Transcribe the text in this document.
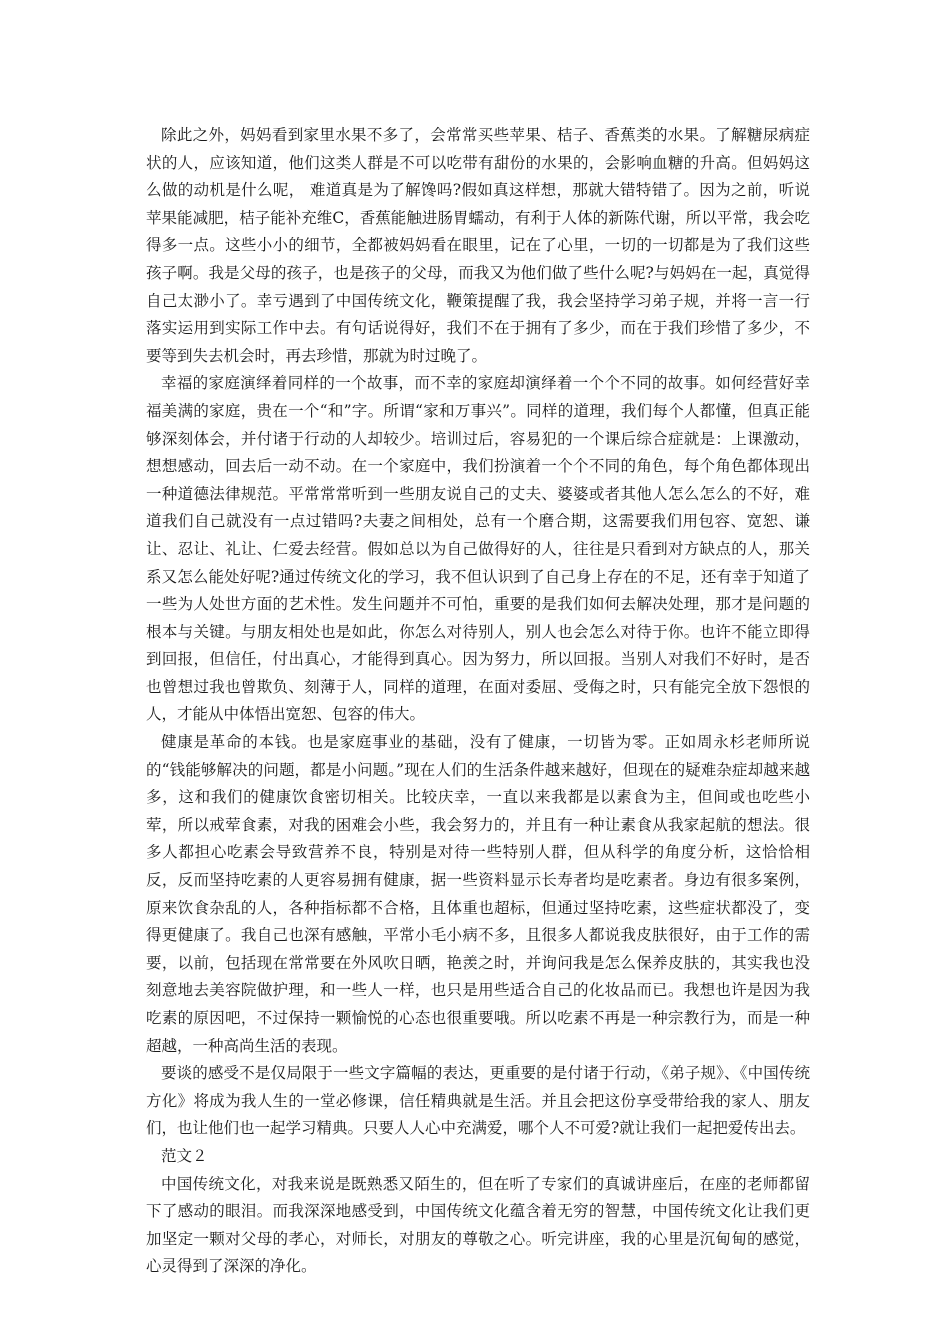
除此之外，妈妈看到家里水果不多了，会常常买些苹果、桔子、香蕉类的水果。了解糖尿病症状的人，应该知道，他们这类人群是不可以吃带有甜份的水果的，会影响血糖的升高。但妈妈这么做的动机是什么呢， 难道真是为了解馋吗?假如真这样想，那就大错特错了。因为之前，听说苹果能减肥，桔子能补充维C，香蕉能触进肠胃蠕动，有利于人体的新陈代谢，所以平常，我会吃得多一点。这些小小的细节，全都被妈妈看在眼里，记在了心里，一切的一切都是为了我们这些孩子啊。我是父母的孩子，也是孩子的父母，而我又为他们做了些什么呢?与妈妈在一起，真觉得自己太渺小了。幸亏遇到了中国传统文化，鞭策提醒了我，我会坚持学习弟子规，并将一言一行落实运用到实际工作中去。有句话说得好，我们不在于拥有了多少，而在于我们珍惜了多少，不要等到失去机会时，再去珍惜，那就为时过晚了。

幸福的家庭演绎着同样的一个故事，而不幸的家庭却演绎着一个个不同的故事。如何经营好幸福美满的家庭，贵在一个“和”字。所谓“家和万事兴”。同样的道理，我们每个人都懂，但真正能够深刻体会，并付诸于行动的人却较少。培训过后，容易犯的一个课后综合症就是：上课激动，想想感动，回去后一动不动。在一个家庭中，我们扮演着一个个不同的角色，每个角色都体现出一种道德法律规范。平常常常听到一些朋友说自己的丈夫、婆婆或者其他人怎么怎么的不好，难道我们自己就没有一点过错吗?夫妻之间相处，总有一个磨合期，这需要我们用包容、宽恕、谦让、忍让、礼让、仁爱去经营。假如总以为自己做得好的人，往往是只看到对方缺点的人，那关系又怎么能处好呢?通过传统文化的学习，我不但认识到了自己身上存在的不足，还有幸于知道了一些为人处世方面的艺术性。发生问题并不可怕，重要的是我们如何去解决处理，那才是问题的根本与关键。与朋友相处也是如此，你怎么对待别人，别人也会怎么对待于你。也许不能立即得到回报，但信任，付出真心，才能得到真心。因为努力，所以回报。当别人对我们不好时，是否也曾想过我也曾欺负、刻薄于人，同样的道理，在面对委屈、受侮之时，只有能完全放下怨恨的人，才能从中体悟出宽恕、包容的伟大。

健康是革命的本钱。也是家庭事业的基础，没有了健康，一切皆为零。正如周永杉老师所说的“钱能够解决的问题，都是小问题。”现在人们的生活条件越来越好，但现在的疑难杂症却越来越多，这和我们的健康饮食密切相关。比较庆幸，一直以来我都是以素食为主，但间或也吃些小荤，所以戒荤食素，对我的困难会小些，我会努力的，并且有一种让素食从我家起航的想法。很多人都担心吃素会导致营养不良，特别是对待一些特别人群，但从科学的角度分析，这恰恰相反，反而坚持吃素的人更容易拥有健康，据一些资料显示长寿者均是吃素者。身边有很多案例，原来饮食杂乱的人，各种指标都不合格，且体重也超标，但通过坚持吃素，这些症状都没了，变得更健康了。我自己也深有感触，平常小毛小病不多，且很多人都说我皮肤很好，由于工作的需要，以前，包括现在常常要在外风吹日晒，艳羡之时，并询问我是怎么保养皮肤的，其实我也没刻意地去美容院做护理，和一些人一样，也只是用些适合自己的化妆品而已。我想也许是因为我吃素的原因吧，不过保持一颗愉悦的心态也很重要哦。所以吃素不再是一种宗教行为，而是一种超越，一种高尚生活的表现。

要谈的感受不是仅局限于一些文字篇幅的表达，更重要的是付诸于行动，《弟子规》、《中国传统方化》将成为我人生的一堂必修课，信任精典就是生活。并且会把这份享受带给我的家人、朋友们，也让他们也一起学习精典。只要人人心中充满爱，哪个人不可爱?就让我们一起把爱传出去。

范文２

中国传统文化，对我来说是既熟悉又陌生的，但在听了专家们的真诚讲座后，在座的老师都留下了感动的眼泪。而我深深地感受到，中国传统文化蕴含着无穷的智慧，中国传统文化让我们更加坚定一颗对父母的孝心，对师长，对朋友的尊敬之心。听完讲座，我的心里是沉甸甸的感觉，心灵得到了深深的净化。
